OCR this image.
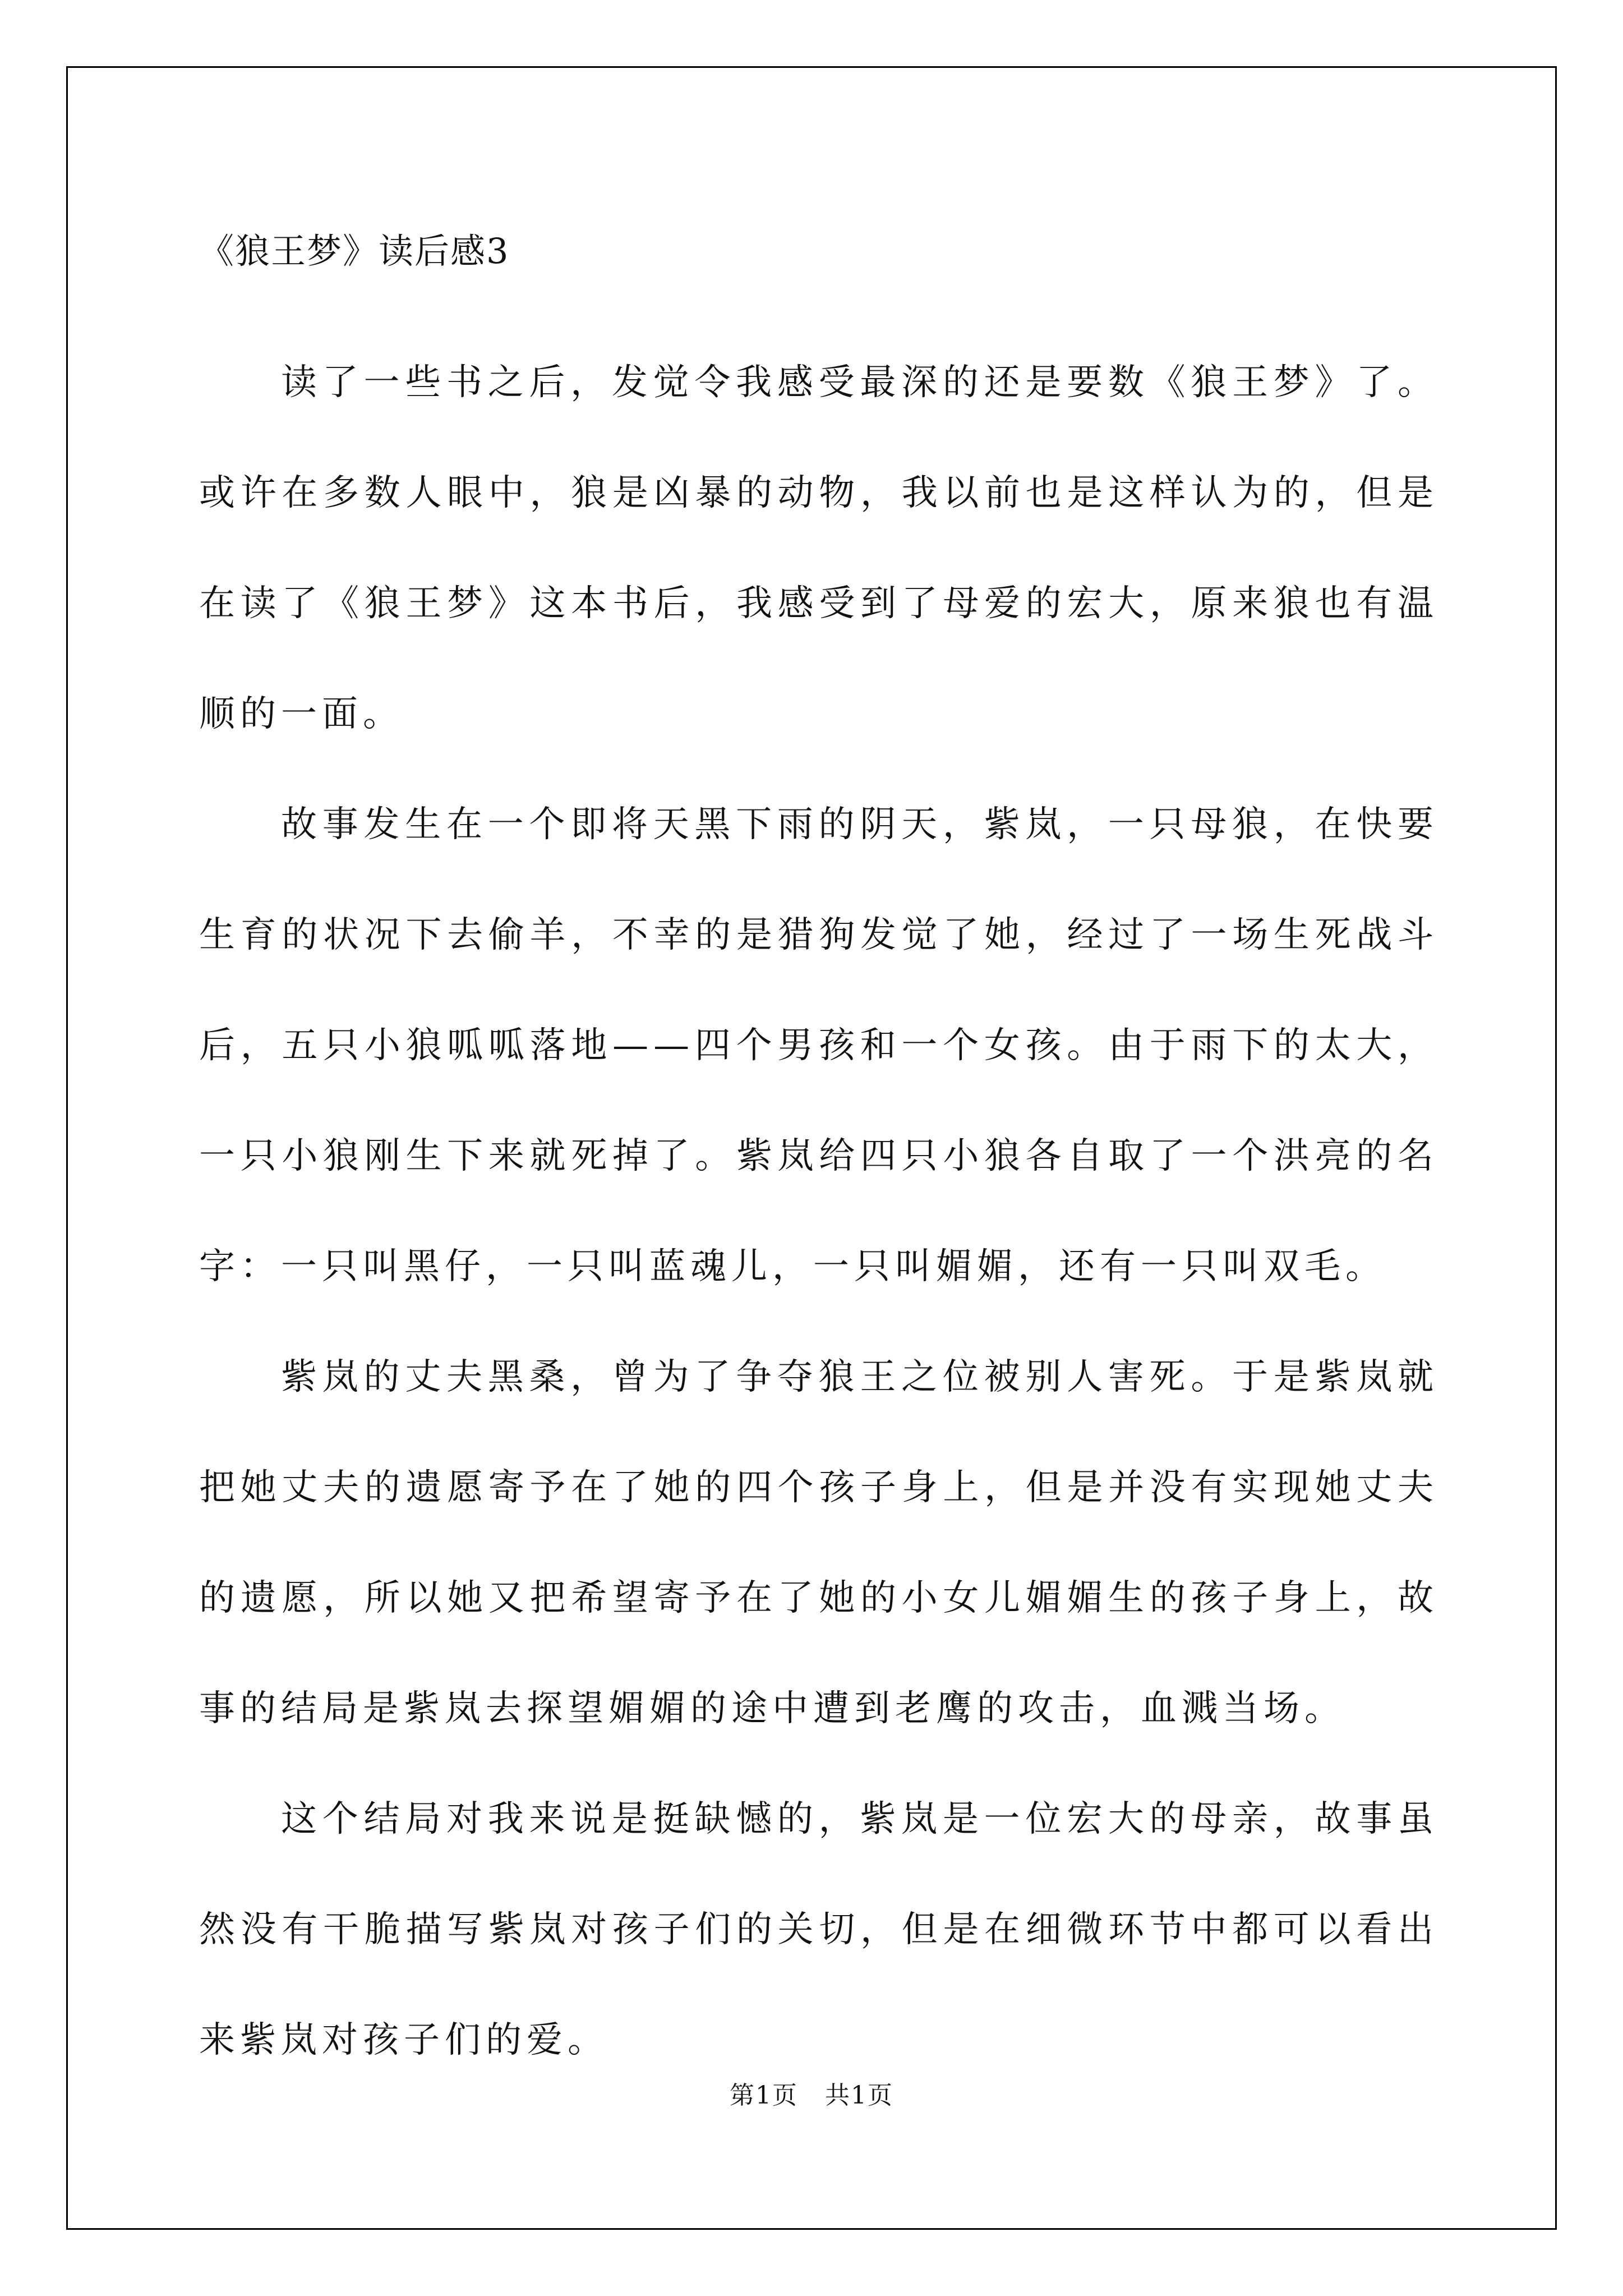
《狼王梦》读后感3

读了一些书之后，发觉令我感受最深的还是要数《狼王梦》了。或许在多数人眼中，狼是凶暴的动物，我以前也是这样认为的，但是在读了《狼王梦》这本书后，我感受到了母爱的宏大，原来狼也有温顺的一面。

故事发生在一个即将天黑下雨的阴天，紫岚，一只母狼，在快要生育的状况下去偷羊，不幸的是猎狗发觉了她，经过了一场生死战斗后，五只小狼呱呱落地——四个男孩和一个女孩。由于雨下的太大，一只小狼刚生下来就死掉了。紫岚给四只小狼各自取了一个洪亮的名字：一只叫黑仔，一只叫蓝魂儿，一只叫媚媚，还有一只叫双毛。

紫岚的丈夫黑桑，曾为了争夺狼王之位被别人害死。于是紫岚就把她丈夫的遗愿寄予在了她的四个孩子身上，但是并没有实现她丈夫的遗愿，所以她又把希望寄予在了她的小女儿媚媚生的孩子身上，故事的结局是紫岚去探望媚媚的途中遭到老鹰的攻击，血溅当场。

这个结局对我来说是挺缺憾的，紫岚是一位宏大的母亲，故事虽然没有干脆描写紫岚对孩子们的关切，但是在细微环节中都可以看出来紫岚对孩子们的爱。

第1页   共1页
